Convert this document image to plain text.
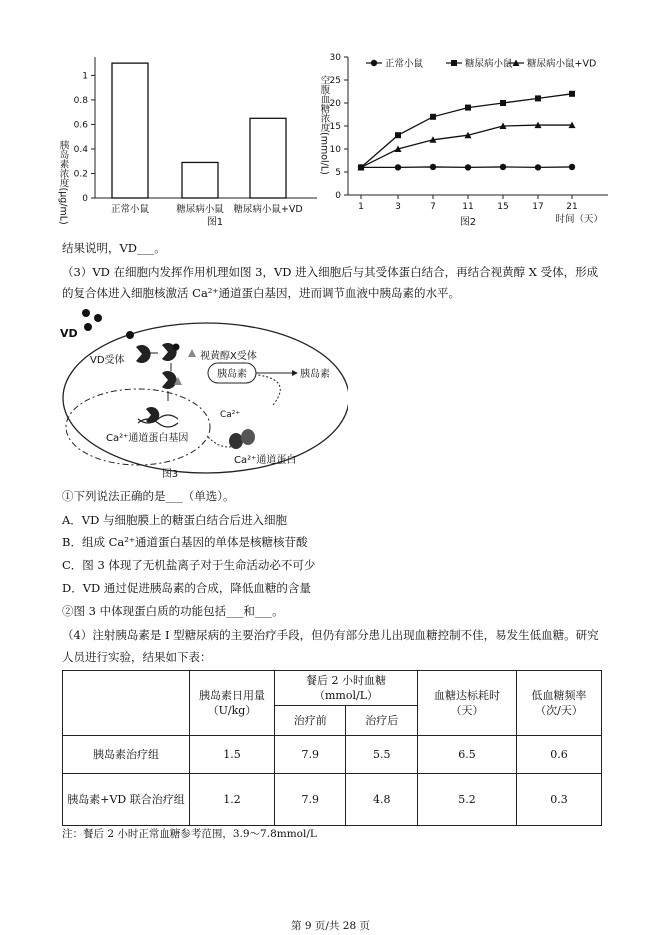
胰岛素浓度(μg/mL) 0
0.2
0.4
0.6
0.8
1
正常小鼠	糖尿病小鼠 糖尿病小鼠+VD
图1
空腹血糖浓度(mmol/L)
0
5
10
15
20
25
30
1	3	7	11	15	17	21
正常小鼠	糖尿病小鼠 糖尿病小鼠+VD
时间（天）
图2
结果说明，VD___。
（3）VD 在细胞内发挥作用机理如图 3，VD 进入细胞后与其受体蛋白结合，再结合视黄醇 X 受体，形成
的复合体进入细胞核激活 Ca²⁺通道蛋白基因，进而调节血液中胰岛素的水平。
VD
VD受体	视黄醇X受体
Ca²⁺通道蛋白基因
胰岛素	胰岛素
Ca²⁺
Ca²⁺通道蛋白
图3
①下列说法正确的是___（单选）。
A．VD 与细胞膜上的糖蛋白结合后进入细胞
B．组成 Ca²⁺通道蛋白基因的单体是核糖核苷酸
C．图 3 体现了无机盐离子对于生命活动必不可少
D．VD 通过促进胰岛素的合成，降低血糖的含量
②图 3 中体现蛋白质的功能包括___和___。
（4）注射胰岛素是 I 型糖尿病的主要治疗手段，但仍有部分患儿出现血糖控制不佳，易发生低血糖。研究
人员进行实验，结果如下表：
	胰岛素日用量
（U/kg）	餐后 2 小时血糖（mmol/L）		血糖达标耗时
（天）	低血糖频率
（次/天）
		治疗前	治疗后		
胰岛素治疗组	1.5	7.9	5.5	6.5	0.6
胰岛素+VD 联合治疗组	1.2	7.9	4.8	5.2	0.3
注：餐后 2 小时正常血糖参考范围，3.9～7.8mmol/L
第 9 页/共 28 页
